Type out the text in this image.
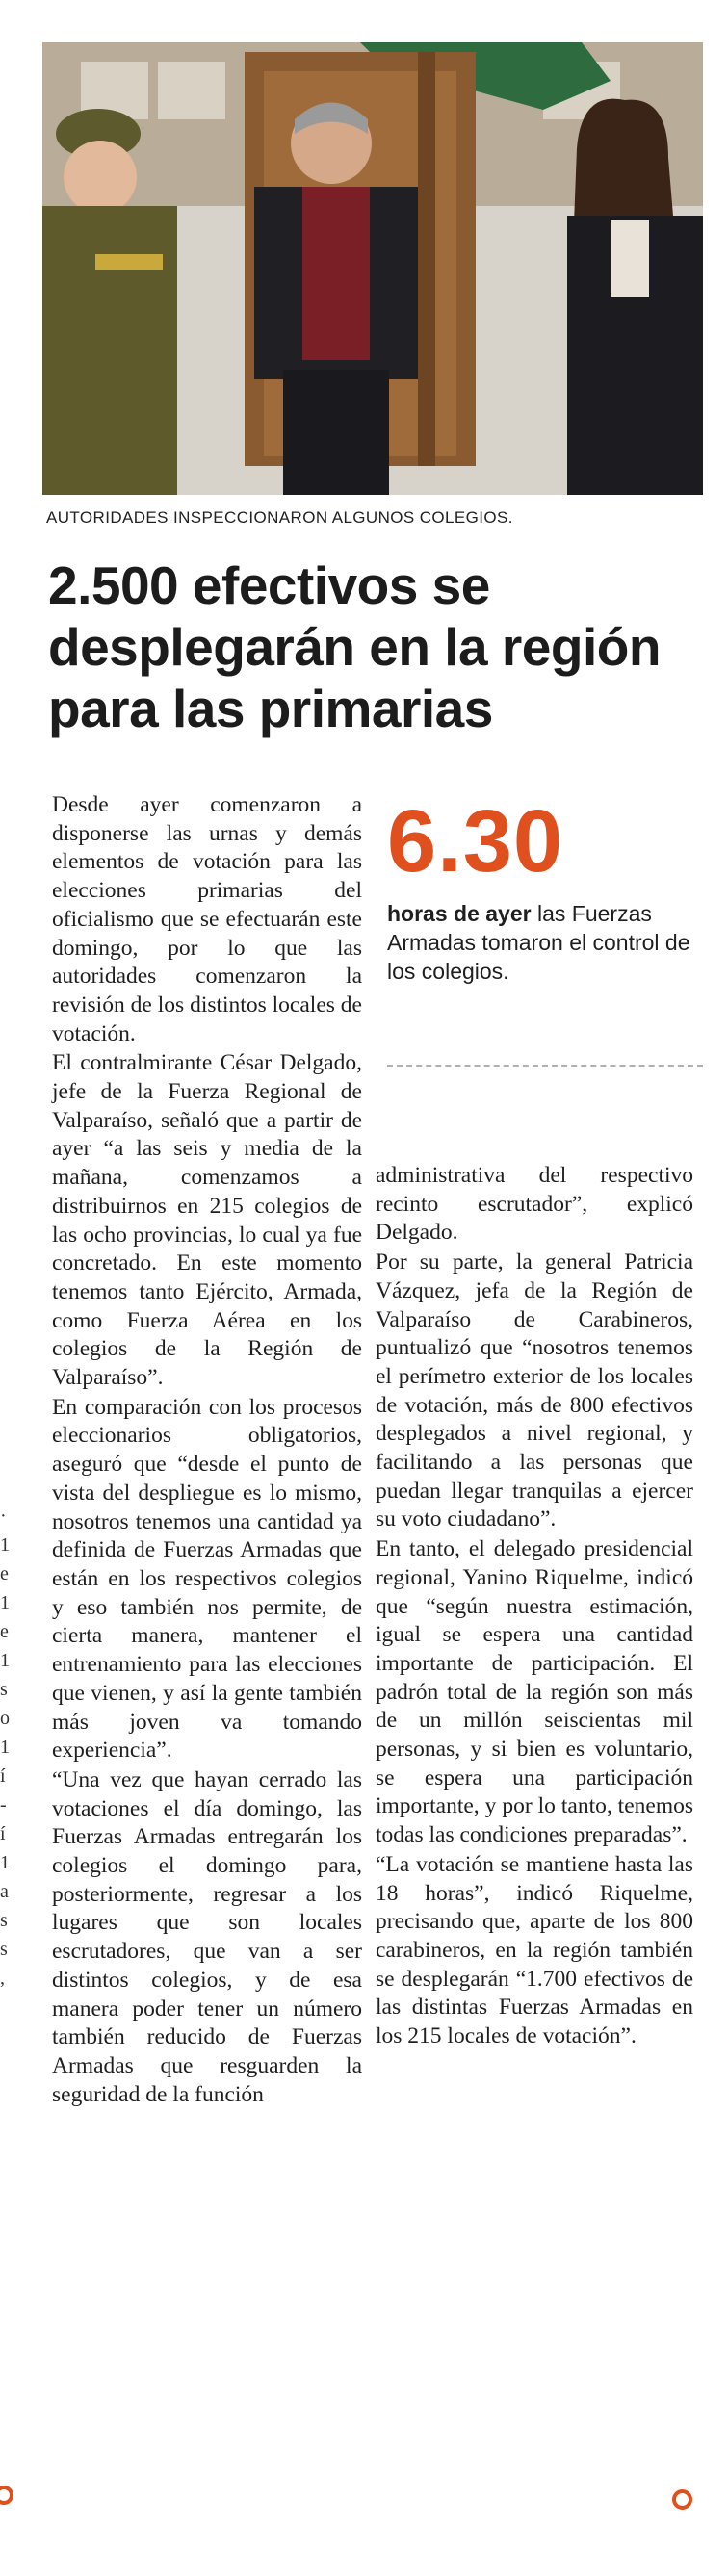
AUTORIDADES INSPECCIONARON ALGUNOS COLEGIOS.
2.500 efectivos se desplegarán en la región para las primarias
6.30
horas de ayer las Fuerzas Armadas tomaron el control de los colegios.

Desde ayer comenzaron a disponerse las urnas y demás elementos de votación para las elecciones primarias del oficialismo que se efectuarán este domingo, por lo que las autoridades comenzaron la revisión de los distintos locales de votación.

El contralmirante César Delgado, jefe de la Fuerza Regional de Valparaíso, señaló que a partir de ayer “a las seis y media de la mañana, comenzamos a distribuirnos en 215 colegios de las ocho provincias, lo cual ya fue concretado. En este momento tenemos tanto Ejército, Armada, como Fuerza Aérea en los colegios de la Región de Valparaíso”.

En comparación con los procesos eleccionarios obligatorios, aseguró que “desde el punto de vista del despliegue es lo mismo, nosotros tenemos una cantidad ya definida de Fuerzas Armadas que están en los respectivos colegios y eso también nos permite, de cierta manera, mantener el entrenamiento para las elecciones que vienen, y así la gente también más joven va tomando experiencia”.

“Una vez que hayan cerrado las votaciones el día domingo, las Fuerzas Armadas entregarán los colegios el domingo para, posteriormente, regresar a los lugares que son locales escrutadores, que van a ser distintos colegios, y de esa manera poder tener un número también reducido de Fuerzas Armadas que resguarden la seguridad de la función

administrativa del respectivo recinto escrutador”, explicó Delgado.

Por su parte, la general Patricia Vázquez, jefa de la Región de Valparaíso de Carabineros, puntualizó que “nosotros tenemos el perímetro exterior de los locales de votación, más de 800 efectivos desplegados a nivel regional, y facilitando a las personas que puedan llegar tranquilas a ejercer su voto ciudadano”.

En tanto, el delegado presidencial regional, Yanino Riquelme, indicó que “según nuestra estimación, igual se espera una cantidad importante de participación. El padrón total de la región son más de un millón seiscientas mil personas, y si bien es voluntario, se espera una participación importante, y por lo tanto, tenemos todas las condiciones preparadas”.

“La votación se mantiene hasta las 18 horas”, indicó Riquelme, precisando que, aparte de los 800 carabineros, en la región también se desplegarán “1.700 efectivos de las distintas Fuerzas Armadas en los 215 locales de votación”.

·
1
e
1
e
1
s
o
1
í
-
í
1
a
s
s
,
